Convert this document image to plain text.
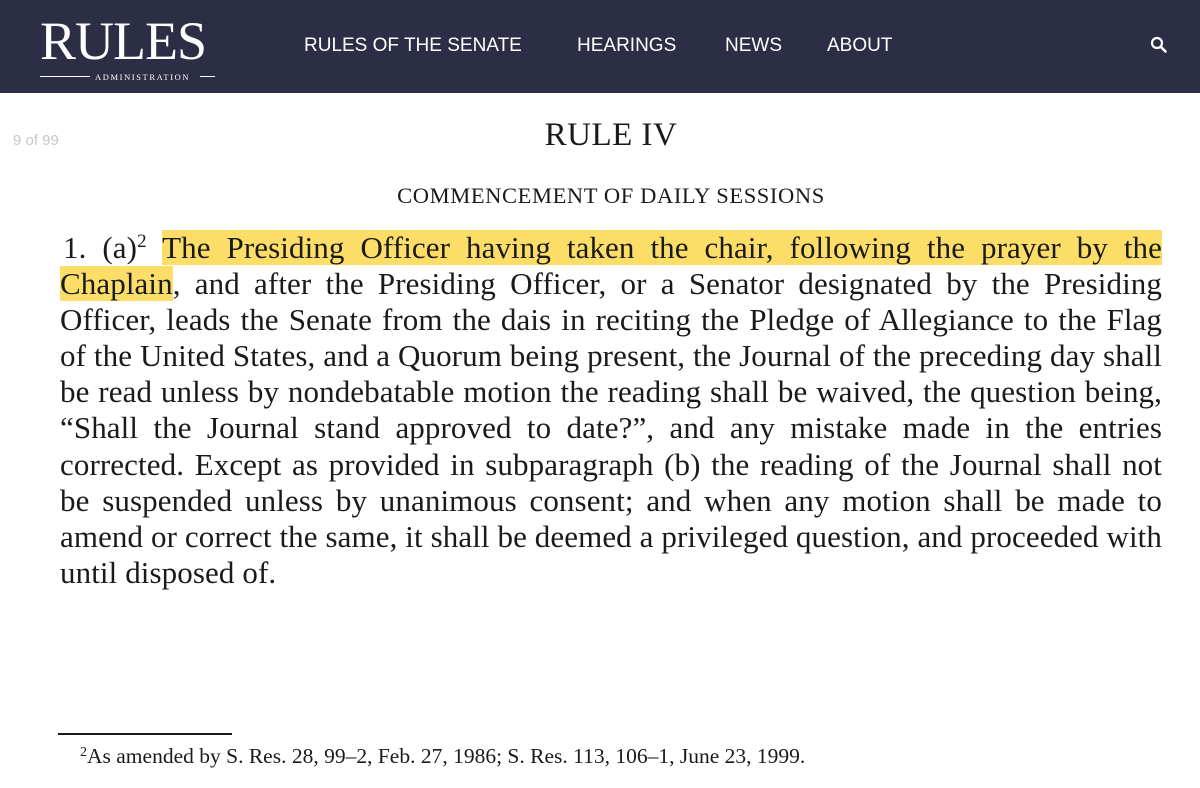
RULES
ADMINISTRATION
RULES OF THE SENATE	HEARINGS	NEWS ABOUT
9 of 99	RULE IV
COMMENCEMENT OF DAILY SESSIONS

1. $(a)^2$ The Presiding Officer having taken the chair, following the prayer by the Chaplain, and after the Presiding Officer, or a Senator designated by the Presiding Officer, leads the Senate from the dais in reciting the Pledge of Allegiance to the Flag of the United States, and a Quorum being present, the Journal of the preceding day shall be read unless by nondebatable motion the reading shall be waived, the question being, “Shall the Journal stand approved to date?”, and any mistake made in the entries corrected. Except as provided in subparagraph (b) the reading of the Journal shall not be suspended unless by unanimous consent; and when any motion shall be made to amend or correct the same, it shall be deemed a privileged question, and proceeded with until disposed of.

$^2$As amended by S. Res. 28, 99–2, Feb. 27, 1986; S. Res. 113, 106–1, June 23, 1999.
